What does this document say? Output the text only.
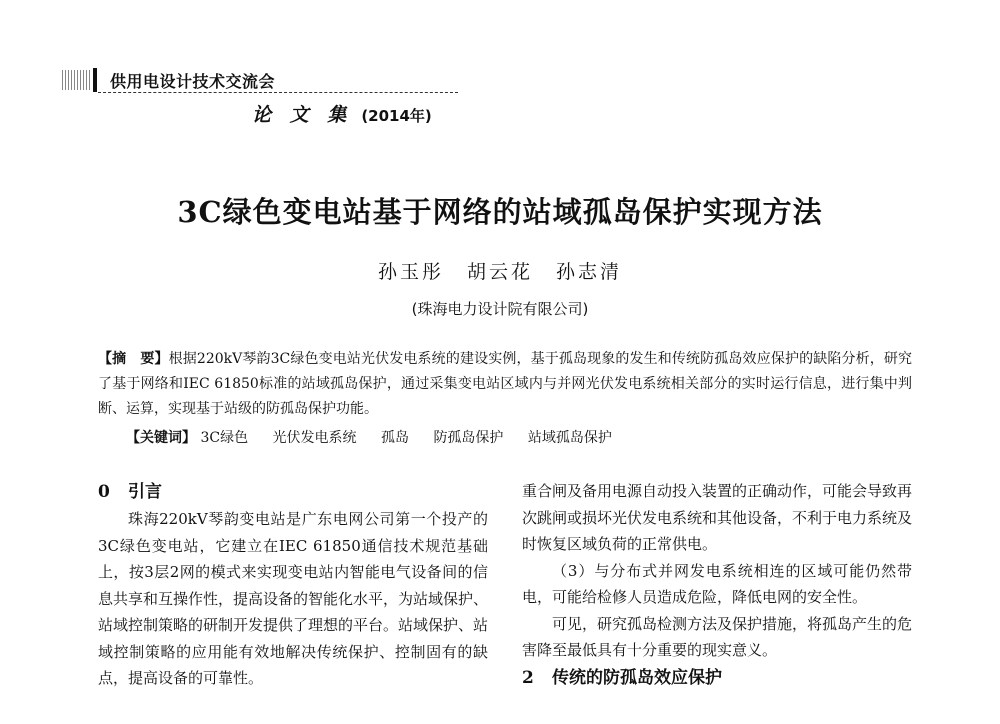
供用电设计技术交流会
论 文 集 (2014年)
3C绿色变电站基于网络的站域孤岛保护实现方法
孙玉彤 胡云花 孙志清
(珠海电力设计院有限公司)
【摘　要】根据220kV琴韵3C绿色变电站光伏发电系统的建设实例，基于孤岛现象的发生和传统防孤岛效应保护的缺陷分析，研究了基于网络和IEC 61850标准的站域孤岛保护，通过采集变电站区域内与并网光伏发电系统相关部分的实时运行信息，进行集中判断、运算，实现基于站级的防孤岛保护功能。
【关键词】 3C绿色 光伏发电系统 孤岛 防孤岛保护 站域孤岛保护
0 引言

珠海220kV琴韵变电站是广东电网公司第一个投产的3C绿色变电站，它建立在IEC 61850通信技术规范基础上，按3层2网的模式来实现变电站内智能电气设备间的信息共享和互操作性，提高设备的智能化水平，为站域保护、站域控制策略的研制开发提供了理想的平台。站域保护、站域控制策略的应用能有效地解决传统保护、控制固有的缺点，提高设备的可靠性。

重合闸及备用电源自动投入装置的正确动作，可能会导致再次跳闸或损坏光伏发电系统和其他设备，不利于电力系统及时恢复区域负荷的正常供电。

（3）与分布式并网发电系统相连的区域可能仍然带电，可能给检修人员造成危险，降低电网的安全性。

可见，研究孤岛检测方法及保护措施，将孤岛产生的危害降至最低具有十分重要的现实意义。

2 传统的防孤岛效应保护
